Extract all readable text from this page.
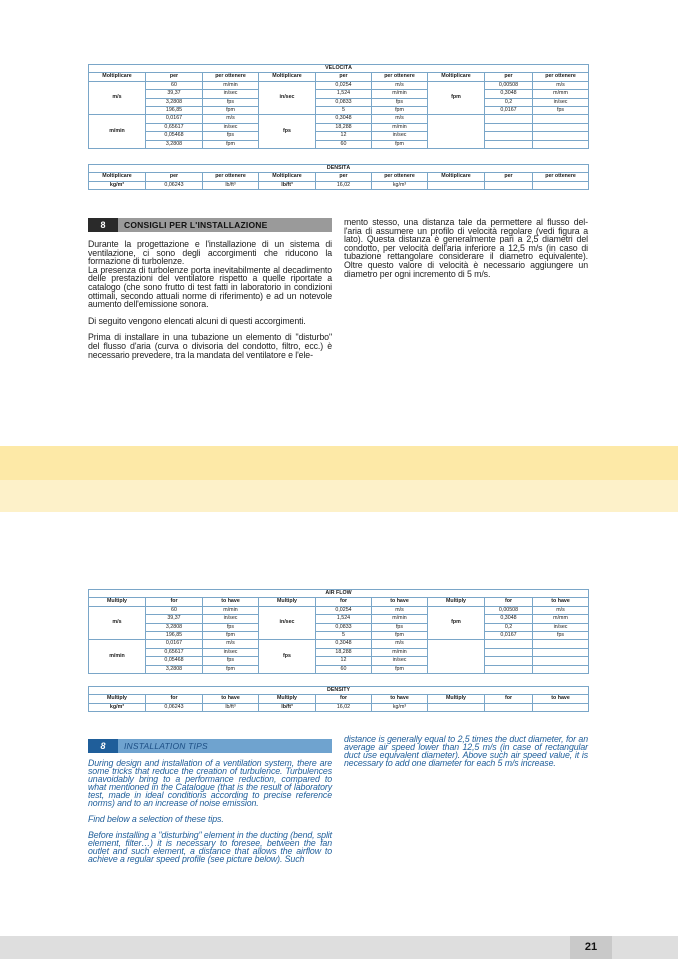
VELOCITÀ								
Moltiplicare	per	per ottenere	Moltiplicare	per	per ottenere	Moltiplicare	per	per ottenere
m/s	60	m/min	in/sec	0,0254	m/s	fpm	0,00508	m/s
	39,37	in/sec		1,524	m/min		0,3048	m/mm
	3,2808	fps		0,0833	fps		0,2	in/sec
	196,85	fpm		5	fpm		0,0167	fps
m/min	0,0167	m/s	fps	0,3048	m/s			
	0,65617	in/sec		18,288	m/min			
	0,05468	fps		12	in/sec			
	3,2808	fpm		60	fpm			
DENSITÀ								
Moltiplicare	per	per ottenere	Moltiplicare	per	per ottenere	Moltiplicare	per	per ottenere
kg/m³	0,06243	lb/ft³	lb/ft³	16,02	kg/m³			
8	CONSIGLI PER L'INSTALLAZIONE

Durante la progettazione e l'installazione di un sistema di ventilazione, ci sono degli accorgimenti che riducono la formazione di turbolenze.

La presenza di turbolenze porta inevitabilmente al decadimento delle prestazioni del ventilatore rispetto a quelle riportate a catalogo (che sono frutto di test fatti in laboratorio in condizioni ottimali, secondo attuali norme di riferimento) e ad un notevole aumento dell'emissione sonora.

Di seguito vengono elencati alcuni di questi accorgimenti.

Prima di installare in una tubazione un elemento di "disturbo" del flusso d'aria (curva o divisoria del condotto, filtro, ecc.) è necessario prevedere, tra la mandata del ventilatore e l'ele-

mento stesso, una distanza tale da permettere al flusso del-l'aria di assumere un profilo di velocità regolare (vedi figura a lato). Questa distanza è generalmente pari a 2,5 diametri del condotto, per velocità dell'aria inferiore a 12,5 m/s (in caso di tubazione rettangolare considerare il diametro equivalente). Oltre questo valore di velocità è necessario aggiungere un diametro per ogni incremento di 5 m/s.

AIR FLOW								
Multiply	for	to have	Multiply	for	to have	Multiply	for	to have
m/s	60	m/min	in/sec	0,0254	m/s	fpm	0,00508	m/s
	39,37	in/sec		1,524	m/min		0,3048	m/mm
	3,2808	fps		0,0833	fps		0,2	in/sec
	196,85	fpm		5	fpm		0,0167	fps
m/min	0,0167	m/s	fps	0,3048	m/s			
	0,65617	in/sec		18,288	m/min			
	0,05468	fps		12	in/sec			
	3,2808	fpm		60	fpm			
DENSITY								
Multiply	for	to have	Multiply	for	to have	Multiply	for	to have
kg/m³	0,06243	lb/ft³	lb/ft³	16,02	kg/m³			
8	INSTALLATION TIPS

During design and installation of a ventilation system, there are some tricks that reduce the creation of turbulence. Turbulences unavoidably bring to a performance reduction, compared to what mentioned in the Catalogue (that is the result of laboratory test, made in ideal conditions according to precise reference norms) and to an increase of noise emission.

Find below a selection of these tips.

Before installing a "disturbing" element in the ducting (bend, split element, filter…) it is necessary to foresee, between the fan outlet and such element, a distance that allows the airflow to achieve a regular speed profile (see picture below). Such

distance is generally equal to 2,5 times the duct diameter, for an average air speed lower than 12,5 m/s (in case of rectangular duct use equivalent diameter). Above such air speed value, it is necessary to add one diameter for each 5 m/s increase.

21
